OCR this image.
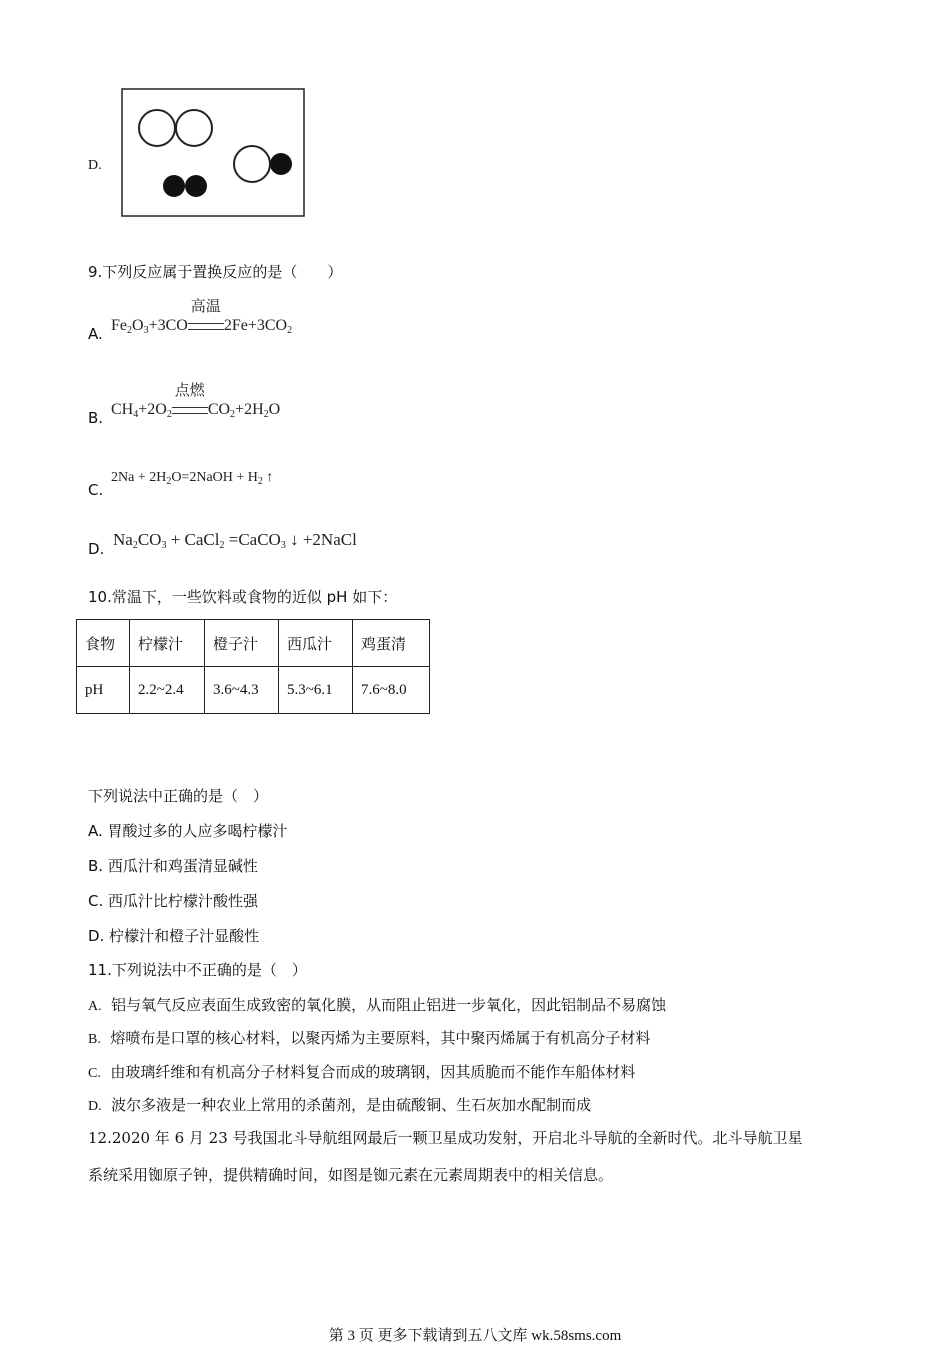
D.
9.下列反应属于置换反应的是（　　）
A. $Fe_2O_3+3CO$
高温
$2Fe+3CO_2$
B. $CH_4+2O_2$
点燃
$CO_2+2H_2O$
C.
$2Na + 2H_2O=2NaOH + H_2$ ↑
D. $Na_2CO_3$ + CaCl$_2$ =CaCO$_3$ ↓ +2NaCl
10.常温下，一些饮料或食物的近似 pH 如下：
食物	柠檬汁	橙子汁	西瓜汁	鸡蛋清
pH	2.2~2.4	3.6~4.3	5.3~6.1	7.6~8.0
下列说法中正确的是（　）
A. 胃酸过多的人应多喝柠檬汁
B. 西瓜汁和鸡蛋清显碱性
C. 西瓜汁比柠檬汁酸性强
D. 柠檬汁和橙子汁显酸性
11.下列说法中不正确的是（　）
A. 铝与氧气反应表面生成致密的氧化膜，从而阻止铝进一步氧化，因此铝制品不易腐蚀
B. 熔喷布是口罩的核心材料，以聚丙烯为主要原料，其中聚丙烯属于有机高分子材料
C. 由玻璃纤维和有机高分子材料复合而成的玻璃钢，因其质脆而不能作车船体材料
D. 波尔多液是一种农业上常用的杀菌剂，是由硫酸铜、生石灰加水配制而成
12.2020 年 6 月 23 号我国北斗导航组网最后一颗卫星成功发射，开启北斗导航的全新时代。北斗导航卫星
系统采用铷原子钟，提供精确时间，如图是铷元素在元素周期表中的相关信息。
第 3 页 更多下载请到五八文库 wk.58sms.com
